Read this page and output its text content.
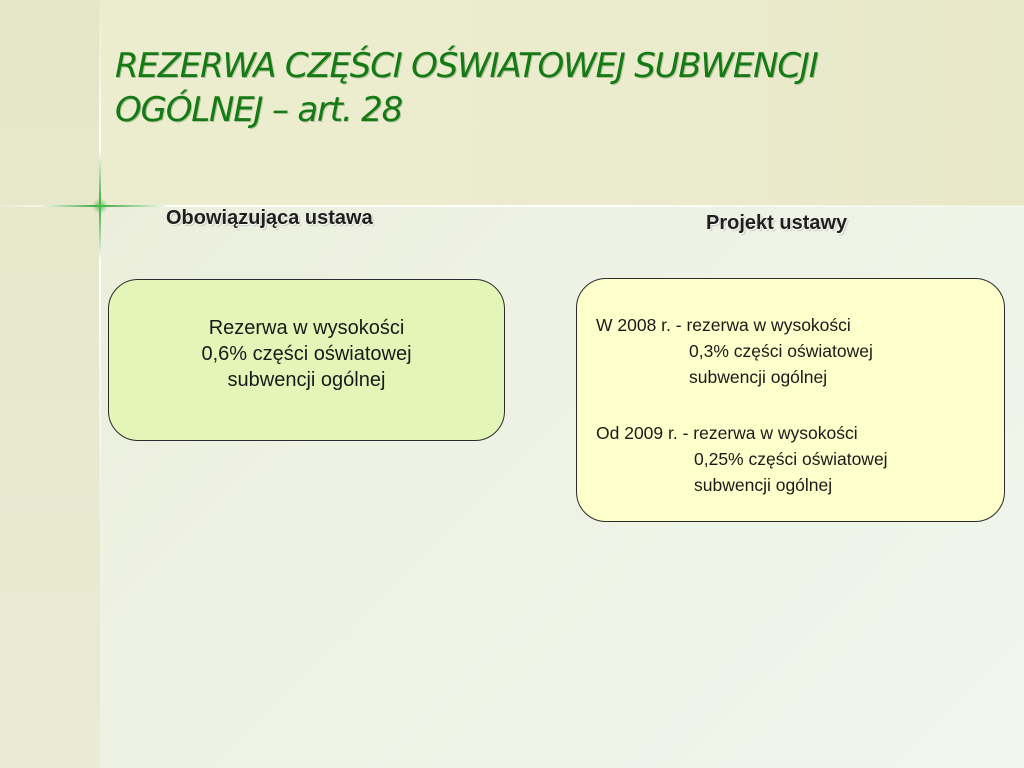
REZERWA CZĘŚCI OŚWIATOWEJ SUBWENCJI
OGÓLNEJ – art. 28
Obowiązująca ustawa	Projekt ustawy
Rezerwa w wysokości
0,6% części oświatowej
subwencji ogólnej
W 2008 r. - rezerwa w wysokości
0,3% części oświatowej
subwencji ogólnej
Od 2009 r. - rezerwa w wysokości
0,25% części oświatowej
subwencji ogólnej
